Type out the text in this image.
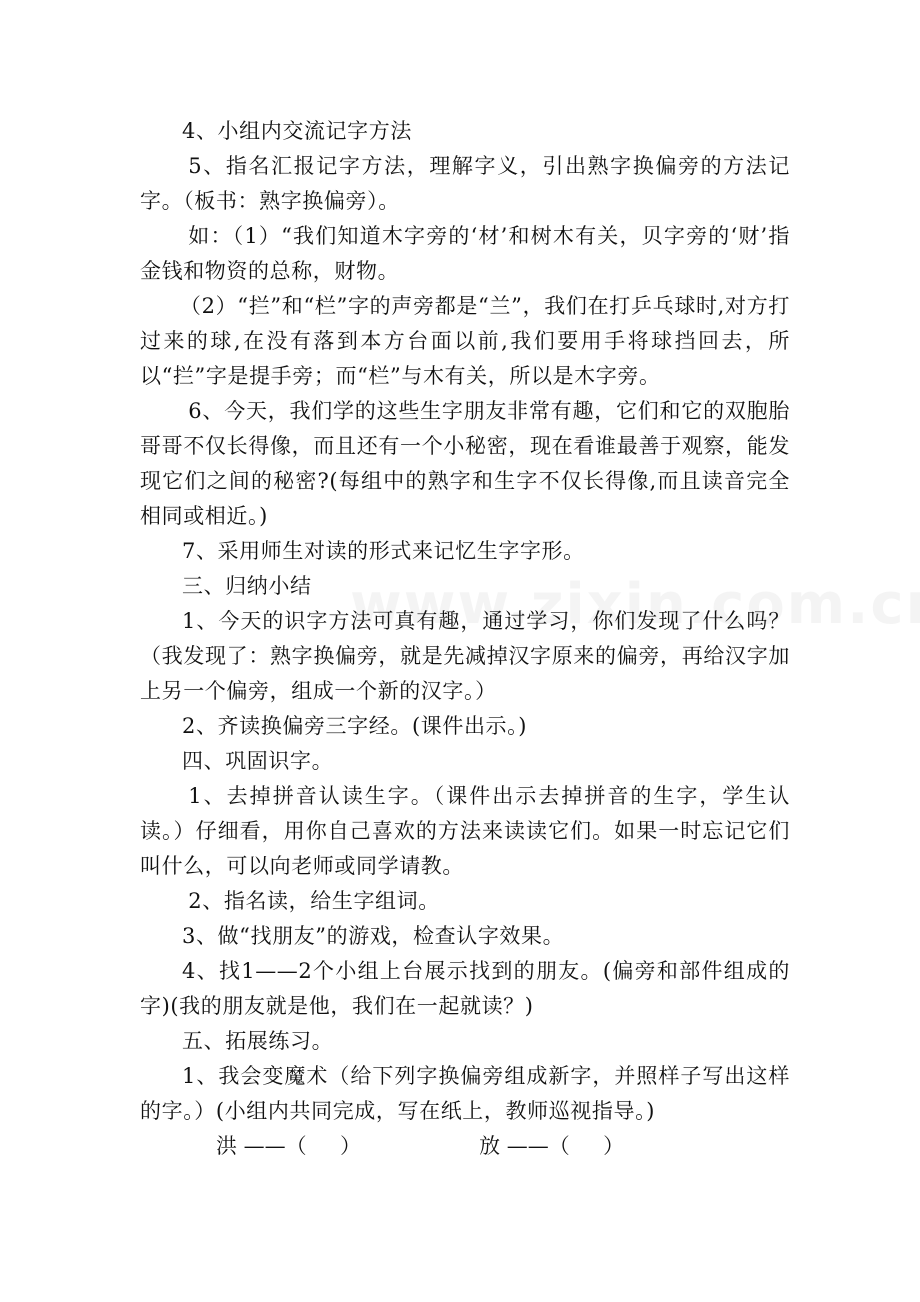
4、小组内交流记字方法

5、指名汇报记字方法，理解字义，引出熟字换偏旁的方法记字。（板书：熟字换偏旁）。

如：（1）“我们知道木字旁的‘材’和树木有关，贝字旁的‘财’指金钱和物资的总称，财物。

（2）“拦”和“栏”字的声旁都是“兰”，我们在打乒乓球时,对方打过来的球,在没有落到本方台面以前,我们要用手将球挡回去，所以“拦”字是提手旁；而“栏”与木有关，所以是木字旁。

6、今天，我们学的这些生字朋友非常有趣，它们和它的双胞胎哥哥不仅长得像，而且还有一个小秘密，现在看谁最善于观察，能发现它们之间的秘密?(每组中的熟字和生字不仅长得像,而且读音完全相同或相近。)

7、采用师生对读的形式来记忆生字字形。

三、归纳小结

1、今天的识字方法可真有趣，通过学习，你们发现了什么吗？（我发现了：熟字换偏旁，就是先减掉汉字原来的偏旁，再给汉字加上另一个偏旁，组成一个新的汉字。）

2、齐读换偏旁三字经。(课件出示。)

四、巩固识字。

1、去掉拼音认读生字。（课件出示去掉拼音的生字，学生认读。）仔细看，用你自己喜欢的方法来读读它们。如果一时忘记它们叫什么，可以向老师或同学请教。

2、指名读，给生字组词。

3、做“找朋友”的游戏，检查认字效果。

4、找1——2个小组上台展示找到的朋友。(偏旁和部件组成的字)(我的朋友就是他，我们在一起就读？)

五、拓展练习。

1、我会变魔术（给下列字换偏旁组成新字，并照样子写出这样的字。）(小组内共同完成，写在纸上，教师巡视指导。)

洪 ——（     ）	放 ——（     ）
